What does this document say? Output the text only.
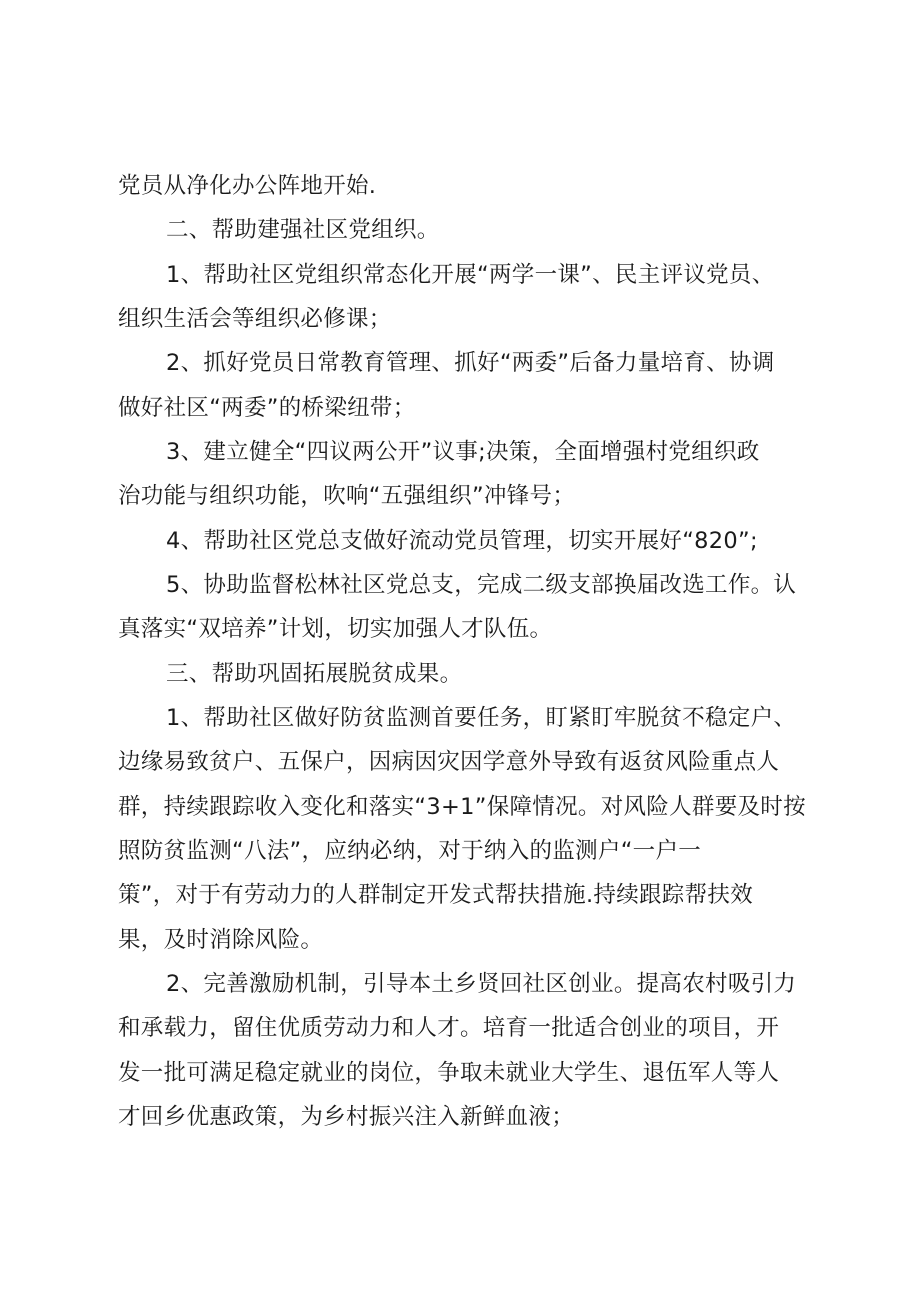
党员从净化办公阵地开始.
二、帮助建强社区党组织。
1、帮助社区党组织常态化开展“两学一课”、民主评议党员、
组织生活会等组织必修课；
2、抓好党员日常教育管理、抓好“两委”后备力量培育、协调
做好社区“两委”的桥梁纽带；
3、建立健全“四议两公开”议事;决策，全面增强村党组织政
治功能与组织功能，吹响“五强组织”冲锋号；
4、帮助社区党总支做好流动党员管理，切实开展好“820”;
5、协助监督松林社区党总支，完成二级支部换届改选工作。认
真落实“双培养”计划，切实加强人才队伍。
三、帮助巩固拓展脱贫成果。
1、帮助社区做好防贫监测首要任务，盯紧盯牢脱贫不稳定户、
边缘易致贫户、五保户，因病因灾因学意外导致有返贫风险重点人
群，持续跟踪收入变化和落实“3+1”保障情况。对风险人群要及时按
照防贫监测“八法”，应纳必纳，对于纳入的监测户“一户一
策”，对于有劳动力的人群制定开发式帮扶措施.持续跟踪帮扶效
果，及时消除风险。
2、完善激励机制，引导本土乡贤回社区创业。提高农村吸引力
和承载力，留住优质劳动力和人才。培育一批适合创业的项目，开
发一批可满足稳定就业的岗位，争取未就业大学生、退伍军人等人
才回乡优惠政策，为乡村振兴注入新鲜血液；
